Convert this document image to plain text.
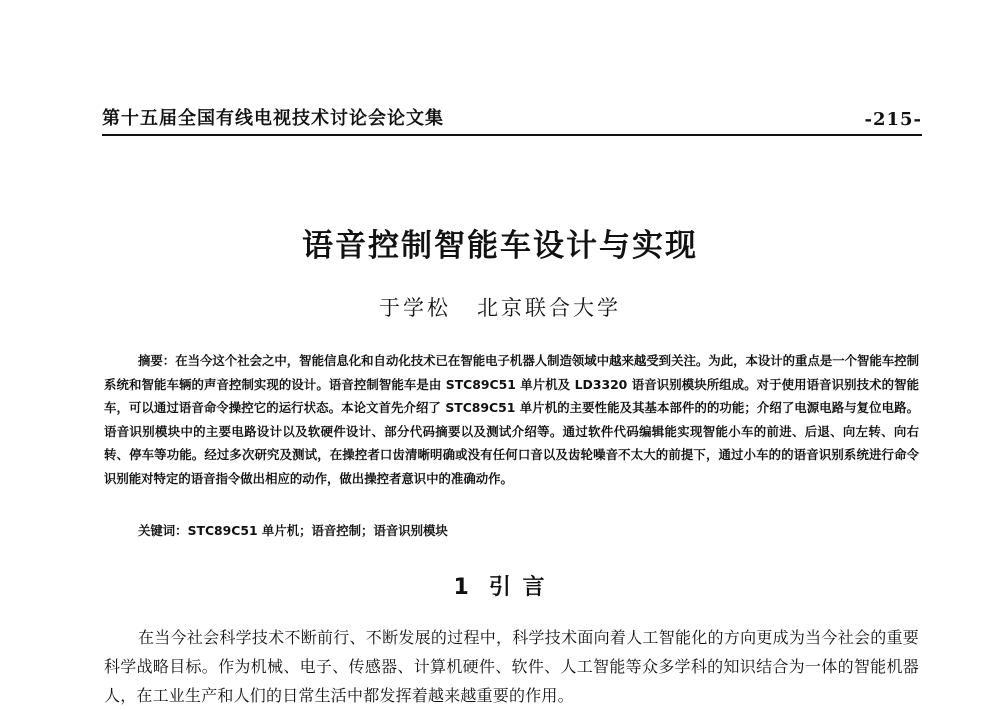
第十五届全国有线电视技术讨论会论文集	-215-
语音控制智能车设计与实现
于学松 北京联合大学
摘要：在当今这个社会之中，智能信息化和自动化技术已在智能电子机器人制造领域中越来越受到关注。为此，本设计的重点是一个智能车控制系统和智能车辆的声音控制实现的设计。语音控制智能车是由 STC89C51 单片机及 LD3320 语音识别模块所组成。对于使用语音识别技术的智能车，可以通过语音命令操控它的运行状态。本论文首先介绍了 STC89C51 单片机的主要性能及其基本部件的的功能；介绍了电源电路与复位电路。语音识别模块中的主要电路设计以及软硬件设计、部分代码摘要以及测试介绍等。通过软件代码编辑能实现智能小车的前进、后退、向左转、向右转、停车等功能。经过多次研究及测试，在操控者口齿清晰明确或没有任何口音以及齿轮噪音不太大的前提下，通过小车的的语音识别系统进行命令识别能对特定的语音指令做出相应的动作，做出操控者意识中的准确动作。
关键词：STC89C51 单片机；语音控制；语音识别模块
1 引 言
在当今社会科学技术不断前行、不断发展的过程中，科学技术面向着人工智能化的方向更成为当今社会的重要科学战略目标。作为机械、电子、传感器、计算机硬件、软件、人工智能等众多学科的知识结合为一体的智能机器人，在工业生产和人们的日常生活中都发挥着越来越重要的作用。
